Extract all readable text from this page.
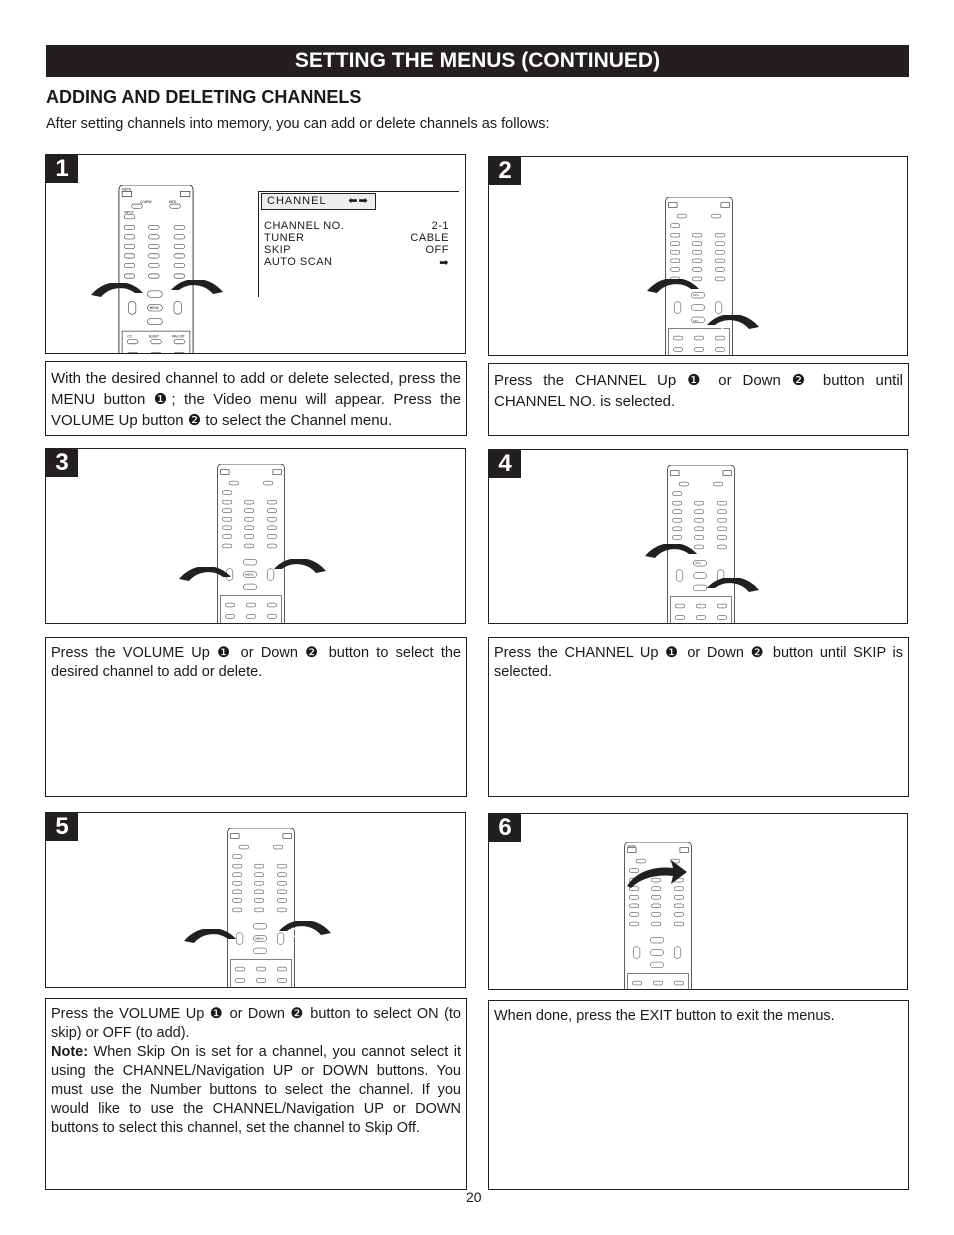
SETTING THE MENUS (CONTINUED)
ADDING AND DELETING CHANNELS
After setting channels into memory, you can add or delete channels as follows:
1
MUTE
Q.VIEW	INFO
INPUT
MENU
CC	SLEEP	FAV.LIST
1	2
CHANNEL ⬅➡
CHANNEL NO.	2-1
TUNER	CABLE
SKIP	OFF
AUTO SCAN	➡
With the desired channel to add or delete selected, press the MENU button ❶; the Video menu will appear. Press the VOLUME Up button ❷ to select the Channel menu.
2
CH+
CH-
1
2
Press the CHANNEL Up ❶ or Down ❷ button until CHANNEL NO. is selected.
3
MENU
2
1
Press the VOLUME Up ❶ or Down ❷ button to select the desired channel to add or delete.
4
CH+
1
2
Press the CHANNEL Up ❶ or Down ❷ button until SKIP is selected.
5
MENU
2
1
Press the VOLUME Up ❶ or Down ❷ button to select ON (to skip) or OFF (to add).
Note: When Skip On is set for a channel, you cannot select it using the CHANNEL/Navigation UP or DOWN buttons. You must use the Number buttons to select the channel. If you would like to use the CHANNEL/Navigation UP or DOWN buttons to select this channel, set the channel to Skip Off.
6
MUTE
When done, press the EXIT button to exit the menus.
20
